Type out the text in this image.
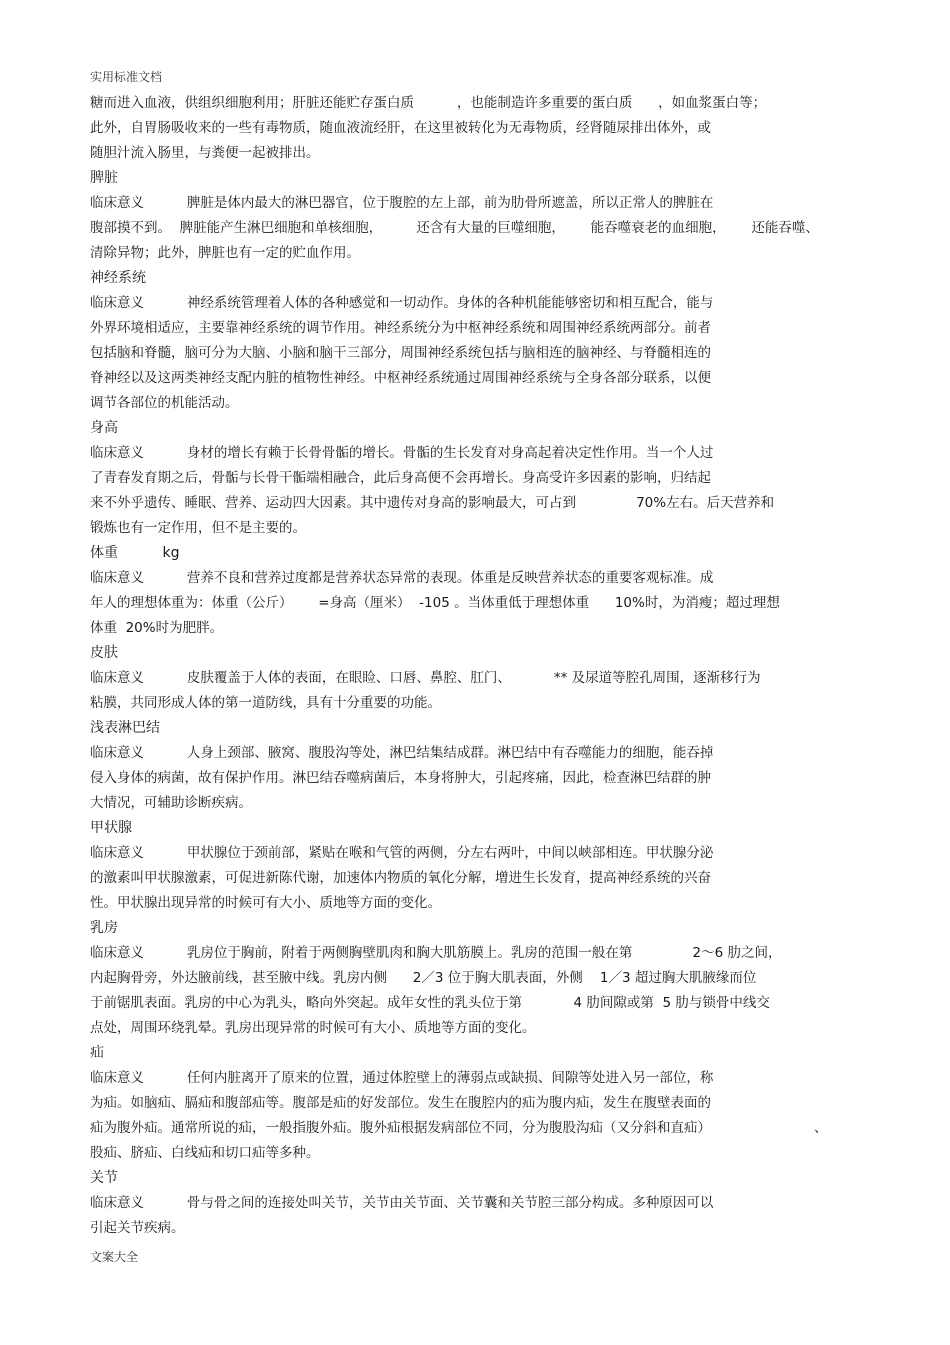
实用标准文档
糖而进入血液，供组织细胞利用；肝脏还能贮存蛋白质          ，也能制造许多重要的蛋白质      ，如血浆蛋白等；
此外，自胃肠吸收来的一些有毒物质，随血液流经肝，在这里被转化为无毒物质，经肾随尿排出体外，或
随胆汁流入肠里，与粪便一起被排出。
脾脏
临床意义          脾脏是体内最大的淋巴器官，位于腹腔的左上部，前为肋骨所遮盖，所以正常人的脾脏在
腹部摸不到。  脾脏能产生淋巴细胞和单核细胞，        还含有大量的巨噬细胞，      能吞噬衰老的血细胞，      还能吞噬、
清除异物；此外，脾脏也有一定的贮血作用。
神经系统
临床意义          神经系统管理着人体的各种感觉和一切动作。身体的各种机能能够密切和相互配合，能与
外界环境相适应，主要靠神经系统的调节作用。神经系统分为中枢神经系统和周围神经系统两部分。前者
包括脑和脊髓，脑可分为大脑、小脑和脑干三部分，周围神经系统包括与脑相连的脑神经、与脊髓相连的
脊神经以及这两类神经支配内脏的植物性神经。中枢神经系统通过周围神经系统与全身各部分联系，以便
调节各部位的机能活动。
身高
临床意义          身材的增长有赖于长骨骨骺的增长。骨骺的生长发育对身高起着决定性作用。当一个人过
了青春发育期之后，骨骺与长骨干骺端相融合，此后身高便不会再增长。身高受许多因素的影响，归结起
来不外乎遗传、睡眠、营养、运动四大因素。其中遗传对身高的影响最大，可占到              70%左右。后天营养和
锻炼也有一定作用，但不是主要的。
体重          kg
临床意义          营养不良和营养过度都是营养状态异常的表现。体重是反映营养状态的重要客观标准。成
年人的理想体重为：体重（公斤）      =身高（厘米）  -105 。当体重低于理想体重      10%时，为消瘦；超过理想
体重  20%时为肥胖。
皮肤
临床意义          皮肤覆盖于人体的表面，在眼睑、口唇、鼻腔、肛门、          ** 及尿道等腔孔周围，逐渐移行为
粘膜，共同形成人体的第一道防线，具有十分重要的功能。
浅表淋巴结
临床意义          人身上颈部、腋窝、腹股沟等处，淋巴结集结成群。淋巴结中有吞噬能力的细胞，能吞掉
侵入身体的病菌，故有保护作用。淋巴结吞噬病菌后，本身将肿大，引起疼痛，因此，检查淋巴结群的肿
大情况，可辅助诊断疾病。
甲状腺
临床意义          甲状腺位于颈前部，紧贴在喉和气管的两侧，分左右两叶，中间以峡部相连。甲状腺分泌
的激素叫甲状腺激素，可促进新陈代谢，加速体内物质的氧化分解，增进生长发育，提高神经系统的兴奋
性。甲状腺出现异常的时候可有大小、质地等方面的变化。
乳房
临床意义          乳房位于胸前，附着于两侧胸壁肌肉和胸大肌筋膜上。乳房的范围一般在第              2～6 肋之间，
内起胸骨旁，外达腋前线，甚至腋中线。乳房内侧      2／3 位于胸大肌表面，外侧    1／3 超过胸大肌腋缘而位
于前锯肌表面。乳房的中心为乳头，略向外突起。成年女性的乳头位于第            4 肋间隙或第  5 肋与锁骨中线交
点处，周围环绕乳晕。乳房出现异常的时候可有大小、质地等方面的变化。
疝
临床意义          任何内脏离开了原来的位置，通过体腔壁上的薄弱点或缺损、间隙等处进入另一部位，称
为疝。如脑疝、膈疝和腹部疝等。腹部是疝的好发部位。发生在腹腔内的疝为腹内疝，发生在腹壁表面的
疝为腹外疝。通常所说的疝，一般指腹外疝。腹外疝根据发病部位不同，分为腹股沟疝（又分斜和直疝）                        、
股疝、脐疝、白线疝和切口疝等多种。
关节
临床意义          骨与骨之间的连接处叫关节，关节由关节面、关节囊和关节腔三部分构成。多种原因可以
引起关节疾病。
文案大全
